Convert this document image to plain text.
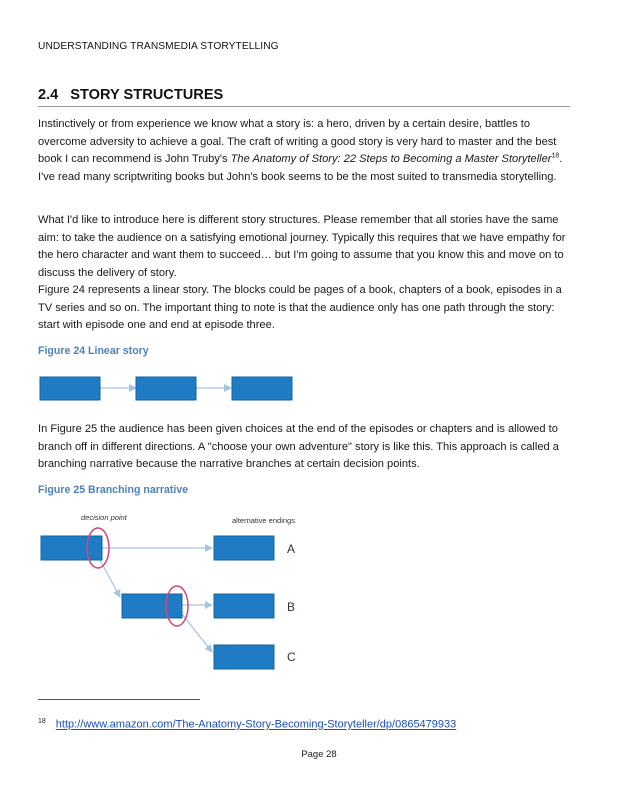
UNDERSTANDING TRANSMEDIA STORYTELLING
2.4 STORY STRUCTURES

Instinctively or from experience we know what a story is: a hero, driven by a certain desire, battles to overcome adversity to achieve a goal. The craft of writing a good story is very hard to master and the best book I can recommend is John Truby's The Anatomy of Story: 22 Steps to Becoming a Master Storyteller$^{18}$.

I've read many scriptwriting books but John's book seems to be the most suited to transmedia storytelling.

What I'd like to introduce here is different story structures. Please remember that all stories have the same aim: to take the audience on a satisfying emotional journey. Typically this requires that we have empathy for the hero character and want them to succeed… but I'm going to assume that you know this and move on to discuss the delivery of story.

Figure 24 represents a linear story. The blocks could be pages of a book, chapters of a book, episodes in a TV series and so on. The important thing to note is that the audience only has one path through the story: start with episode one and end at episode three.

Figure 24 Linear story

In Figure 25 the audience has been given choices at the end of the episodes or chapters and is allowed to branch off in different directions. A "choose your own adventure" story is like this. This approach is called a branching narrative because the narrative branches at certain decision points.

Figure 25 Branching narrative
decision point	alternative endings
A
B
C
$^{18}$ http://www.amazon.com/The-Anatomy-Story-Becoming-Storyteller/dp/0865479933
Page 28
